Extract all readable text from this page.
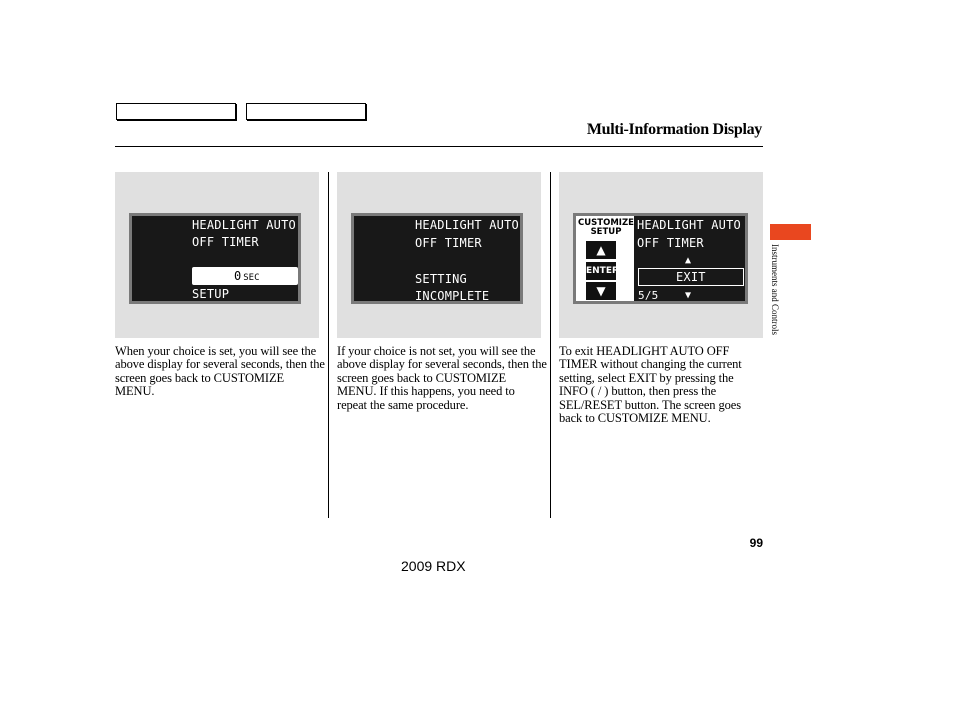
Multi-Information Display
HEADLIGHT AUTO
OFF TIMER
0 SEC
SETUP
HEADLIGHT AUTO
OFF TIMER
SETTING
INCOMPLETE
CUSTOMIZE
SETUP
▲
ENTER
▼
HEADLIGHT AUTO
OFF TIMER
▲
EXIT
5/5	▼
When your choice is set, you will see the above display for several seconds, then the screen goes back to CUSTOMIZE MENU.
If your choice is not set, you will see the above display for several seconds, then the screen goes back to CUSTOMIZE MENU. If this happens, you need to repeat the same procedure.
To exit HEADLIGHT AUTO OFF TIMER without changing the current setting, select EXIT by pressing the INFO ( / ) button, then press the SEL/RESET button. The screen goes back to CUSTOMIZE MENU.
Instruments and Controls
99
2009 RDX
